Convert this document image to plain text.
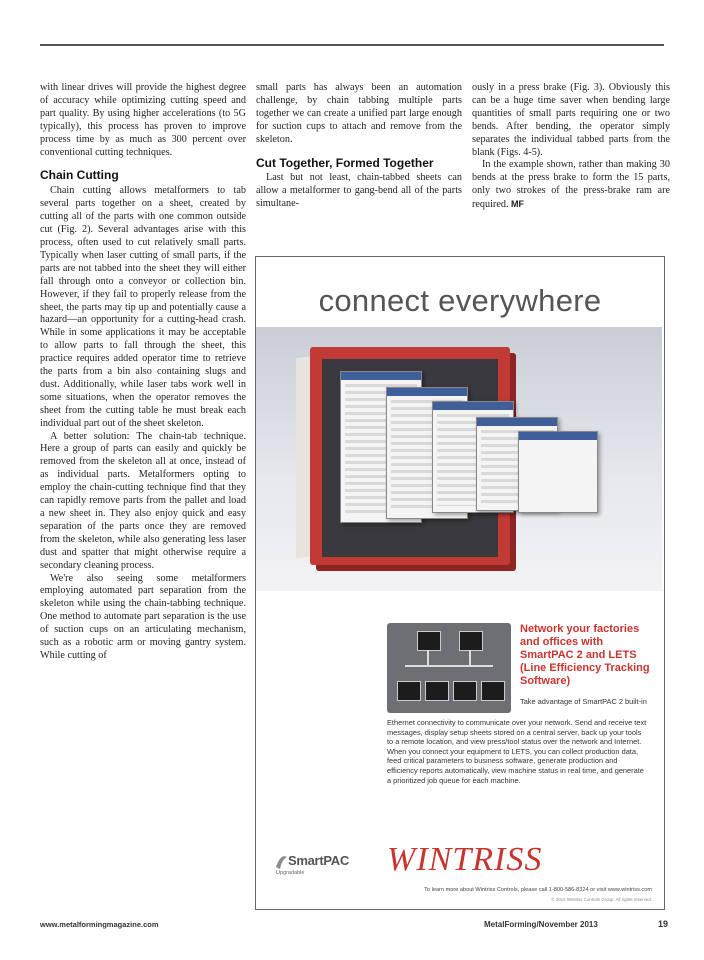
with linear drives will provide the highest degree of accuracy while optimizing cutting speed and part quality. By using higher accelerations (to 5G typically), this process has proven to improve process time by as much as 300 percent over conventional cutting techniques.

Chain Cutting

Chain cutting allows metalformers to tab several parts together on a sheet, created by cutting all of the parts with one common outside cut (Fig. 2). Several advantages arise with this process, often used to cut relatively small parts. Typically when laser cutting of small parts, if the parts are not tabbed into the sheet they will either fall through onto a conveyor or collection bin. However, if they fail to properly release from the sheet, the parts may tip up and potentially cause a hazard—an opportunity for a cutting-head crash. While in some applications it may be acceptable to allow parts to fall through the sheet, this practice requires added operator time to retrieve the parts from a bin also containing slugs and dust. Additionally, while laser tabs work well in some situations, when the operator removes the sheet from the cutting table he must break each individual part out of the sheet skeleton.

A better solution: The chain-tab technique. Here a group of parts can easily and quickly be removed from the skeleton all at once, instead of as individual parts. Metalformers opting to employ the chain-cutting technique find that they can rapidly remove parts from the pallet and load a new sheet in. They also enjoy quick and easy separation of the parts once they are removed from the skeleton, while also generating less laser dust and spatter that might otherwise require a secondary cleaning process.

We're also seeing some metalformers employing automated part separation from the skeleton while using the chain-tabbing technique. One method to automate part separation is the use of suction cups on an articulating mechanism, such as a robotic arm or moving gantry system. While cutting of

small parts has always been an automation challenge, by chain tabbing multiple parts together we can create a unified part large enough for suction cups to attach and remove from the skeleton.

Cut Together, Formed Together

Last but not least, chain-tabbed sheets can allow a metalformer to gang-bend all of the parts simultane-

ously in a press brake (Fig. 3). Obviously this can be a huge time saver when bending large quantities of small parts requiring one or two bends. After bending, the operator simply separates the individual tabbed parts from the blank (Figs. 4-5).

In the example shown, rather than making 30 bends at the press brake to form the 15 parts, only two strokes of the press-brake ram are required. MF

connect everywhere
Network your factories and offices with SmartPAC 2 and LETS (Line Efficiency Tracking Software)
Take advantage of SmartPAC 2 built-in
Ethernet connectivity to communicate over your network. Send and receive text messages, display setup sheets stored on a central server, back up your tools to a remote location, and view press/tool status over the network and Internet. When you connect your equipment to LETS, you can collect production data, feed critical parameters to business software, generate production and efficiency reports automatically, view machine status in real time, and generate a prioritized job queue for each machine.
SmartPAC
Upgradable WINTRISS
To learn more about Wintriss Controls, please call 1-800-586-8324 or visit www.wintriss.com
© 2013 Wintriss Controls Group. All rights reserved.
www.metalformingmagazine.com	MetalForming/November 2013	19
